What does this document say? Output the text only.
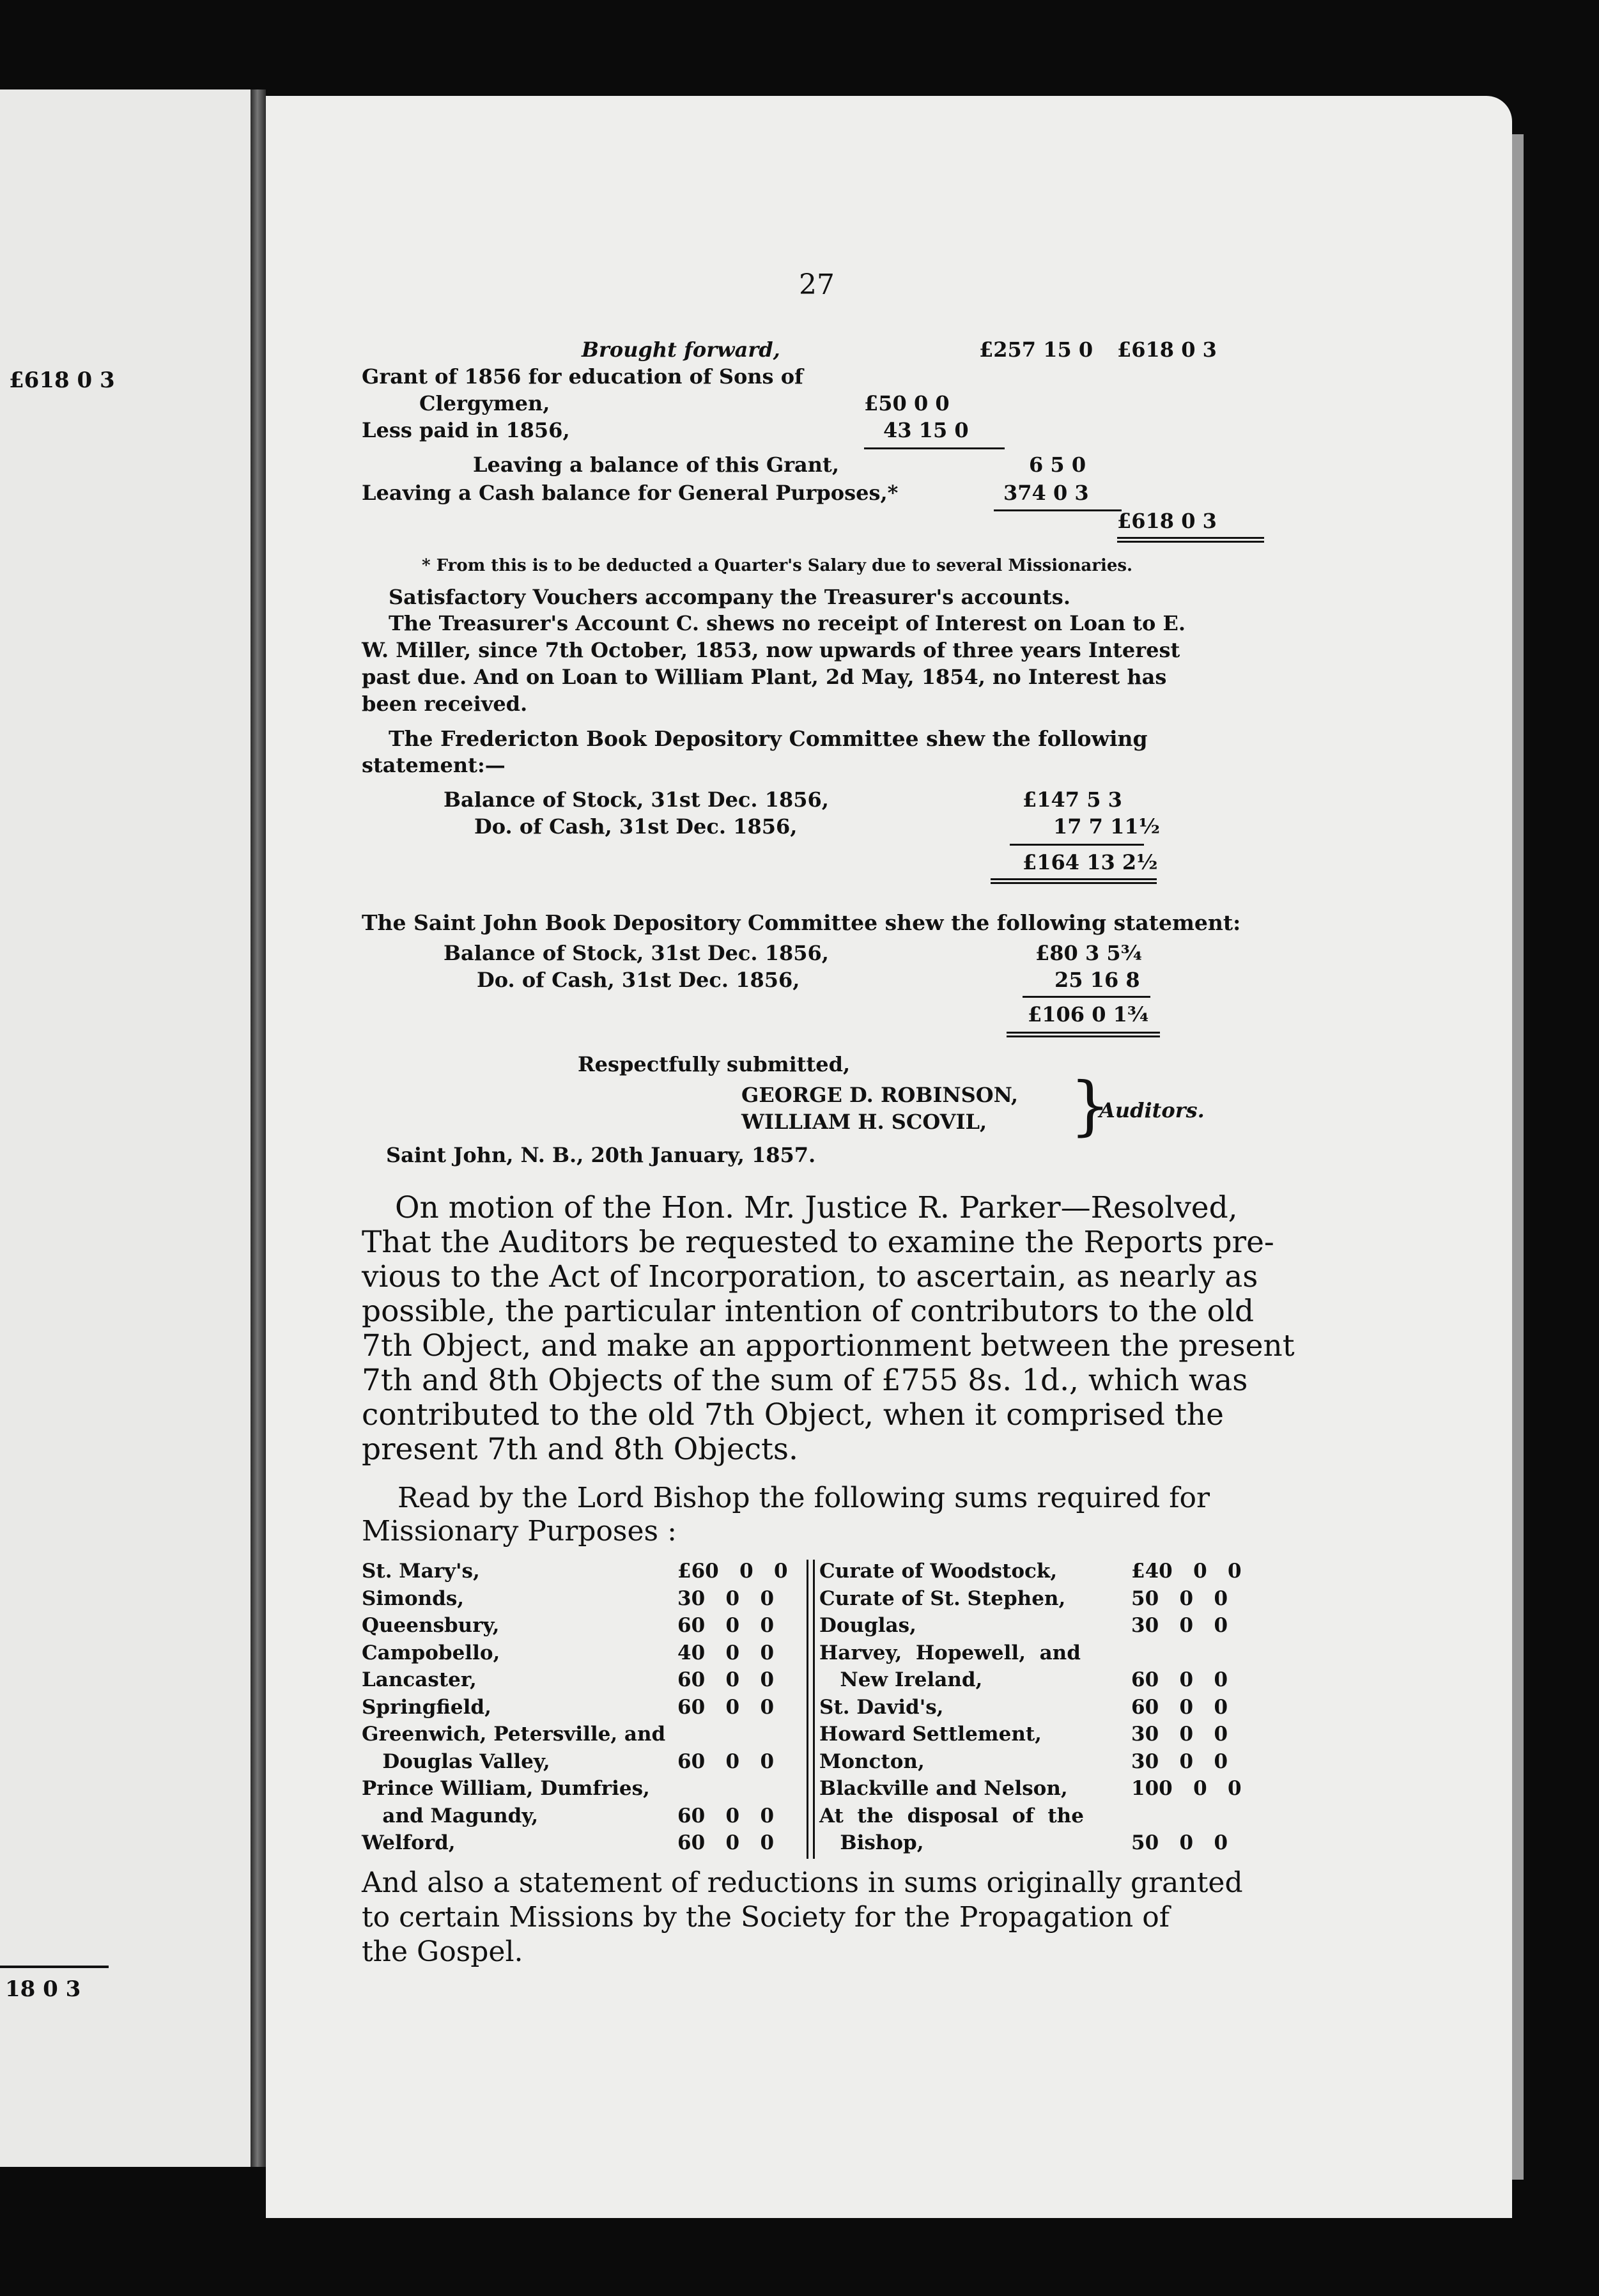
£618 0 3
18 0 3
27
Brought forward,	£257 15 0 £618 0 3
Grant of 1856 for education of Sons of
Clergymen,	£50 0 0
Less paid in 1856,	43 15 0
Leaving a balance of this Grant,	6 5 0
Leaving a Cash balance for General Purposes,*	374 0 3
£618 0 3
* From this is to be deducted a Quarter's Salary due to several Missionaries.
Satisfactory Vouchers accompany the Treasurer's accounts.
The Treasurer's Account C. shews no receipt of Interest on Loan to E.
W. Miller, since 7th October, 1853, now upwards of three years Interest
past due. And on Loan to William Plant, 2d May, 1854, no Interest has
been received.
The Fredericton Book Depository Committee shew the following
statement:—
Balance of Stock, 31st Dec. 1856,	£147 5 3
Do. of Cash, 31st Dec. 1856,	17 7 11½
£164 13 2½
The Saint John Book Depository Committee shew the following statement:
Balance of Stock, 31st Dec. 1856,	£80 3 5¾
Do. of Cash, 31st Dec. 1856,	25 16 8
£106 0 1¾
Respectfully submitted,
GEORGE D. ROBINSON,
WILLIAM H. SCOVIL, }
Auditors.
Saint John, N. B., 20th January, 1857.
On motion of the Hon. Mr. Justice R. Parker—Resolved,
That the Auditors be requested to examine the Reports pre-
vious to the Act of Incorporation, to ascertain, as nearly as
possible, the particular intention of contributors to the old
7th Object, and make an apportionment between the present
7th and 8th Objects of the sum of £755 8s. 1d., which was
contributed to the old 7th Object, when it comprised the
present 7th and 8th Objects.
Read by the Lord Bishop the following sums required for
Missionary Purposes :
St. Mary's,	£60   0   0
Simonds,	30   0   0
Queensbury,	60   0   0
Campobello,	40   0   0
Lancaster,	60   0   0
Springfield,	60   0   0
Greenwich, Petersville, and
Douglas Valley,	60   0   0
Prince William, Dumfries,
and Magundy,	60   0   0
Welford,	60   0   0
Curate of Woodstock,	£40   0   0
Curate of St. Stephen,	50   0   0
Douglas,	30   0   0
Harvey,  Hopewell,  and
New Ireland,	60   0   0
St. David's,	60   0   0
Howard Settlement,	30   0   0
Moncton,	30   0   0
Blackville and Nelson,	100   0   0
At  the  disposal  of  the
Bishop,	50   0   0
And also a statement of reductions in sums originally granted
to certain Missions by the Society for the Propagation of
the Gospel.
